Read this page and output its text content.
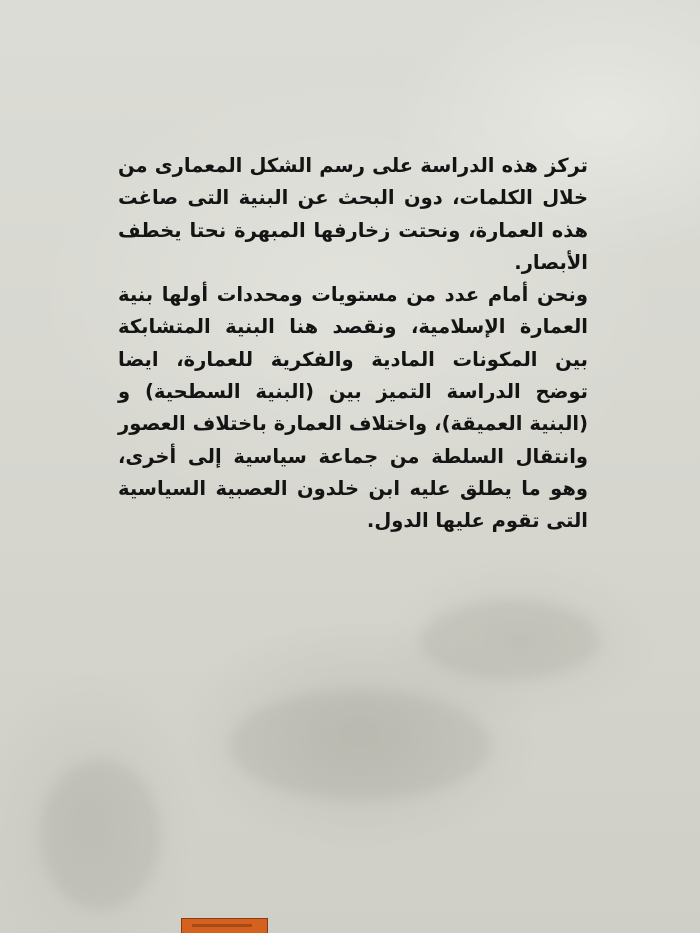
تركز هذه الدراسة على رسم الشكل المعمارى من خلال الكلمات، دون البحث عن البنية التى صاغت هذه العمارة، ونحتت زخارفها المبهرة نحتا يخطف الأبصار.

ونحن أمام عدد من مستويات ومحددات أولها بنية العمارة الإسلامية، ونقصد هنا البنية المتشابكة بين المكونات المادية والفكرية للعمارة، ايضا توضح الدراسة التميز بين (البنية السطحية) و (البنية العميقة)، واختلاف العمارة باختلاف العصور وانتقال السلطة من جماعة سياسية إلى أخرى، وهو ما يطلق عليه ابن خلدون العصبية السياسية التى تقوم عليها الدول.
